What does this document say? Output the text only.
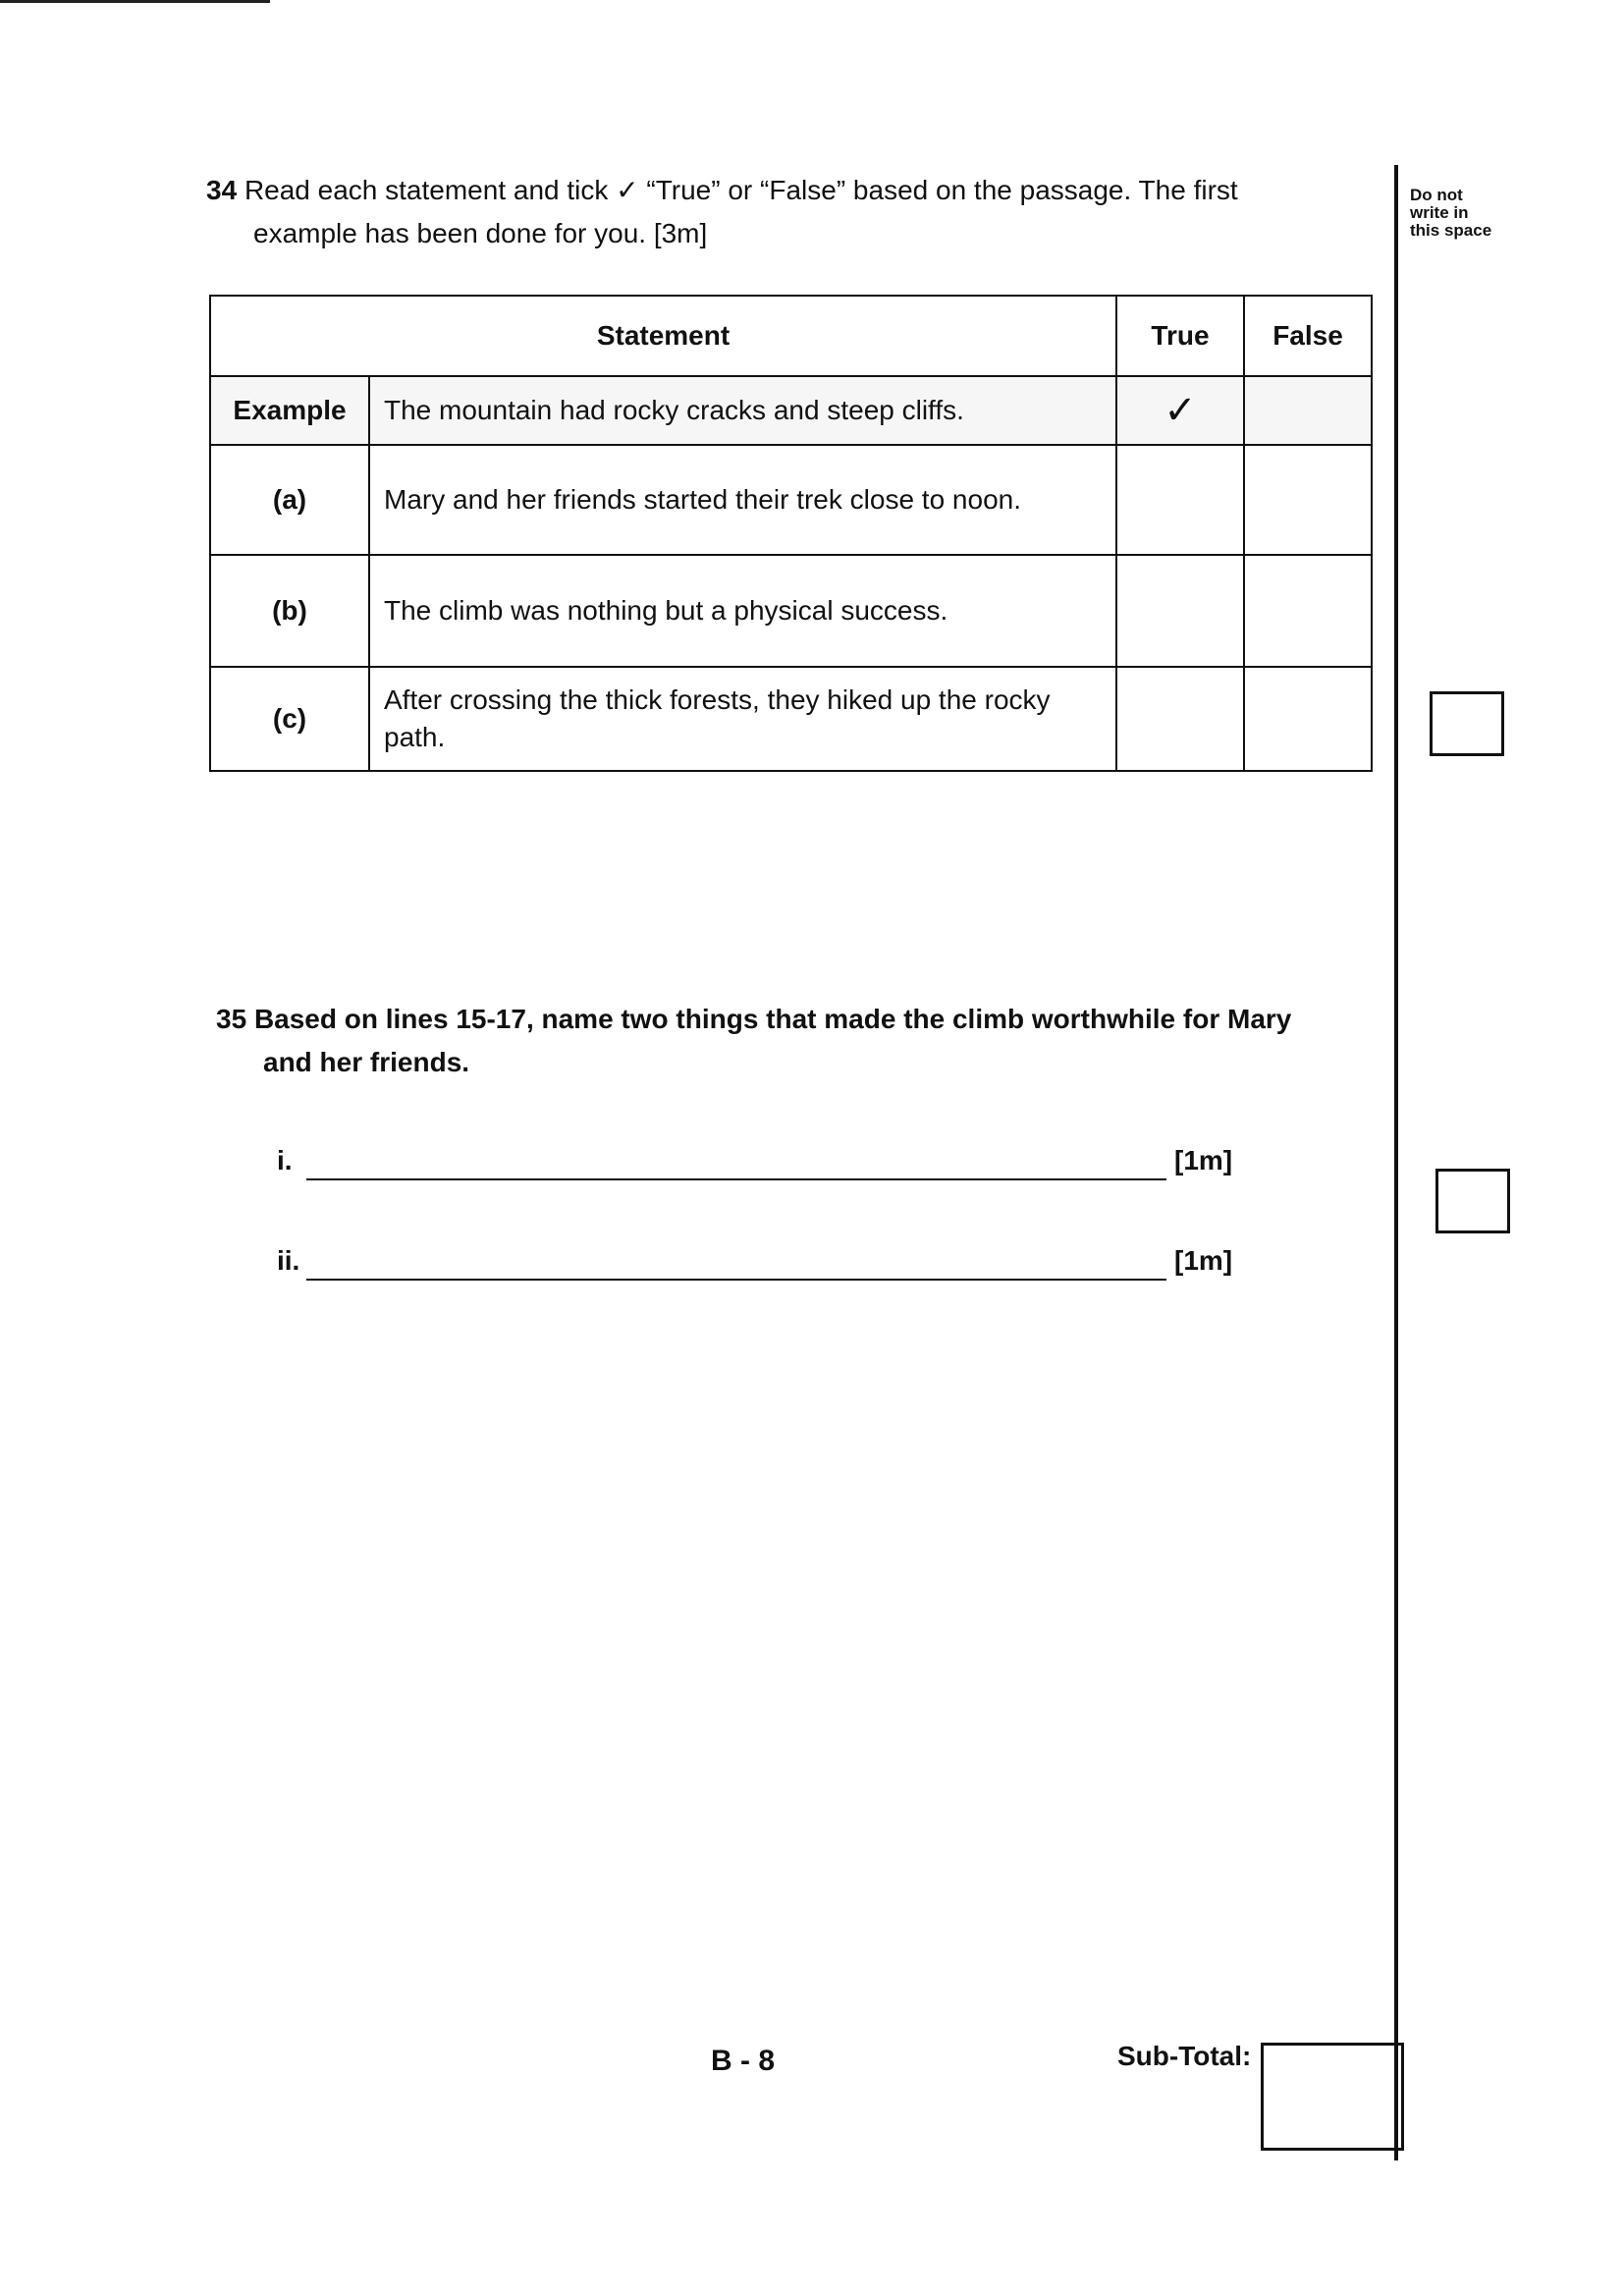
Do not write in this space
34 Read each statement and tick ✓ “True” or “False” based on the passage. The first
example has been done for you. [3m]
Statement		True	False
Example	The mountain had rocky cracks and steep cliffs.	✓	
(a)	Mary and her friends started their trek close to noon.		
(b)	The climb was nothing but a physical success.		
(c)	After crossing the thick forests, they hiked up the rocky path.		
35 Based on lines 15-17, name two things that made the climb worthwhile for Mary
and her friends.
i.	[1m]
ii.	[1m]
B - 8	Sub-Total:
